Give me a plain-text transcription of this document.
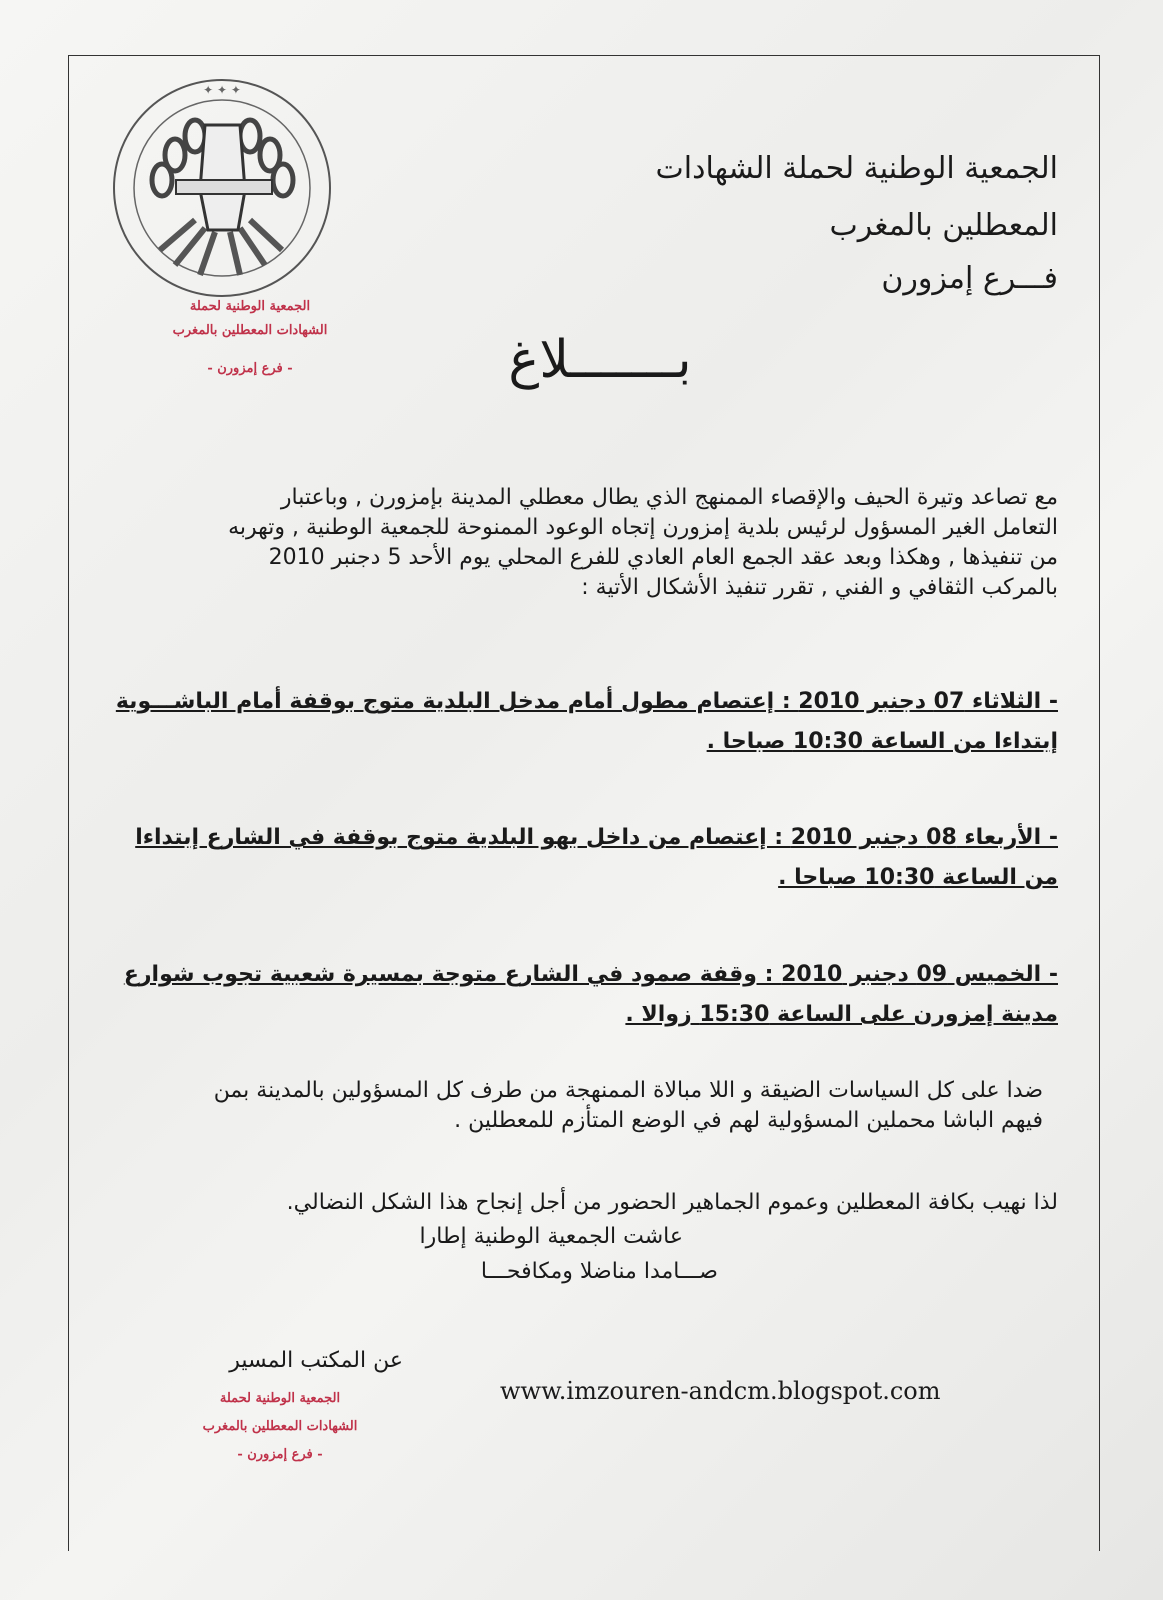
✦ ✦ ✦
الجمعية الوطنية لحملة
الشهادات المعطلين بالمغرب
- فرع إمزورن -
الجمعية الوطنية لحملة الشهادات
المعطلين بالمغرب
فـــرع إمزورن
بـــــــلاغ
مع تصاعد وتيرة الحيف والإقصاء الممنهج الذي يطال معطلي المدينة بإمزورن , وباعتبار
التعامل الغير المسؤول لرئيس بلدية إمزورن إتجاه الوعود الممنوحة للجمعية الوطنية , وتهربه
من تنفيذها , وهكذا وبعد عقد الجمع العام العادي للفرع المحلي يوم الأحد 5 دجنبر 2010
بالمركب الثقافي و الفني , تقرر تنفيذ الأشكال الأتية :
- الثلاثاء 07 دجنبر 2010 : إعتصام مطول أمام مدخل البلدية متوج بوقفة أمام الباشـــوية
إبتداءا من الساعة 10:30 صباحا .
- الأربعاء 08 دجنبر 2010 : إعتصام من داخل بهو البلدية متوج بوقفة في الشارع إبتداءا
من الساعة 10:30 صباحا .
- الخميس 09 دجنبر 2010 : وقفة صمود في الشارع متوجة بمسيرة شعبية تجوب شوارع
مدينة إمزورن على الساعة 15:30 زوالا .
ضدا على كل السياسات الضيقة و اللا مبالاة الممنهجة من طرف كل المسؤولين بالمدينة بمن
فيهم الباشا محملين المسؤولية لهم في الوضع المتأزم للمعطلين .
لذا نهيب بكافة المعطلين وعموم الجماهير الحضور من أجل إنجاح هذا الشكل النضالي.
عاشت الجمعية الوطنية إطارا
صـــامدا مناضلا ومكافحـــا
عن المكتب المسير
الجمعية الوطنية لحملة
الشهادات المعطلين بالمغرب
- فرع إمزورن -
www.imzouren-andcm.blogspot.com
